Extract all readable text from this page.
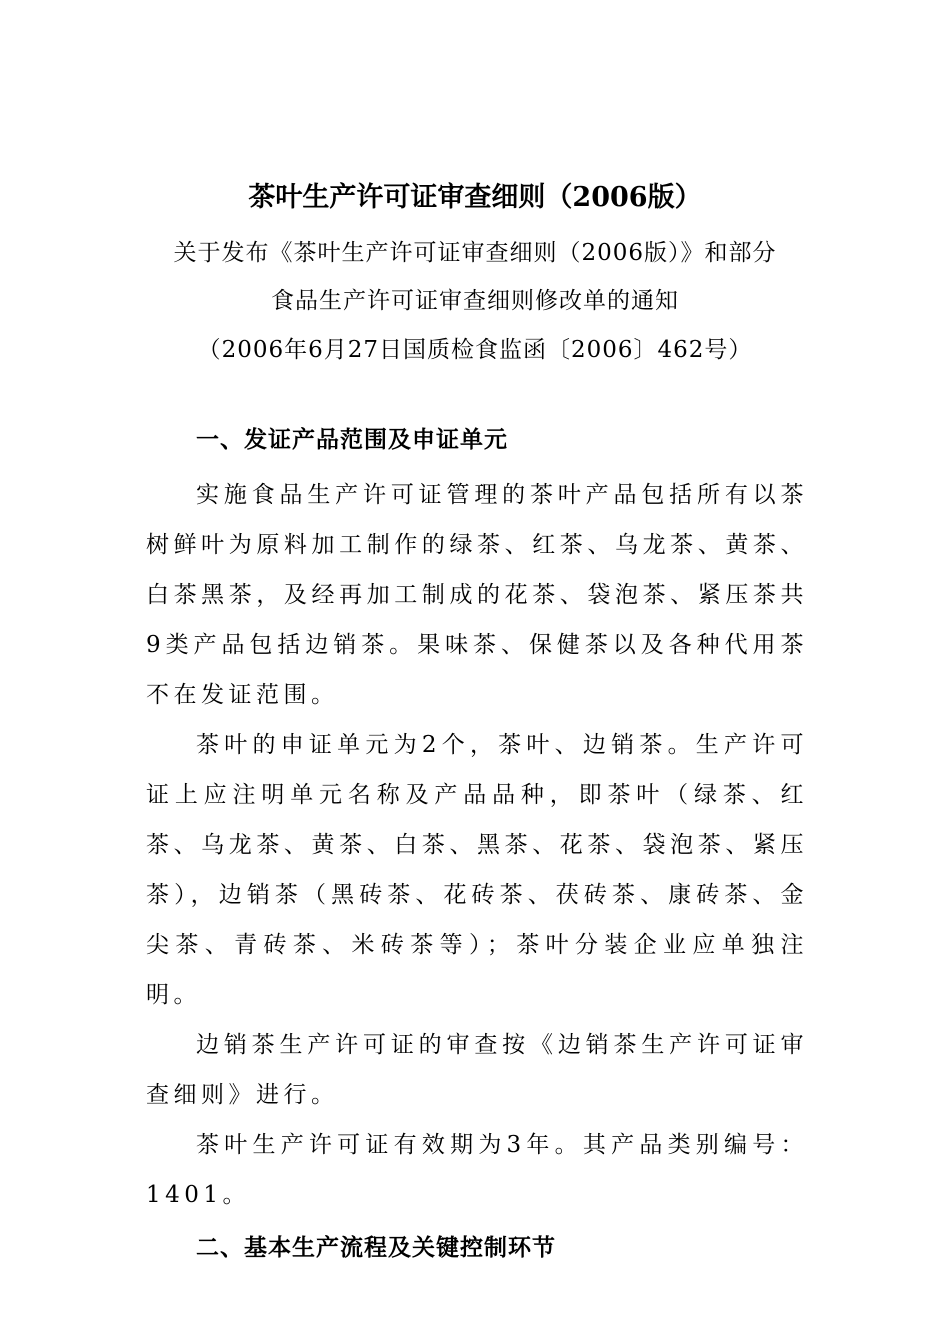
茶叶生产许可证审查细则（2006版）

关于发布《茶叶生产许可证审查细则（2006版）》和部分

食品生产许可证审查细则修改单的通知

（2006年6月27日国质检食监函〔2006〕462号）

一、发证产品范围及申证单元

实施食品生产许可证管理的茶叶产品包括所有以茶树鲜叶为原料加工制作的绿茶、红茶、乌龙茶、黄茶、白茶黑茶，及经再加工制成的花茶、袋泡茶、紧压茶共9类产品包括边销茶。果味茶、保健茶以及各种代用茶不在发证范围。

茶叶的申证单元为2个，茶叶、边销茶。生产许可证上应注明单元名称及产品品种，即茶叶（绿茶、红茶、乌龙茶、黄茶、白茶、黑茶、花茶、袋泡茶、紧压茶），边销茶（黑砖茶、花砖茶、茯砖茶、康砖茶、金尖茶、青砖茶、米砖茶等）；茶叶分装企业应单独注明。

边销茶生产许可证的审查按《边销茶生产许可证审查细则》进行。

茶叶生产许可证有效期为3年。其产品类别编号：1401。

二、基本生产流程及关键控制环节
